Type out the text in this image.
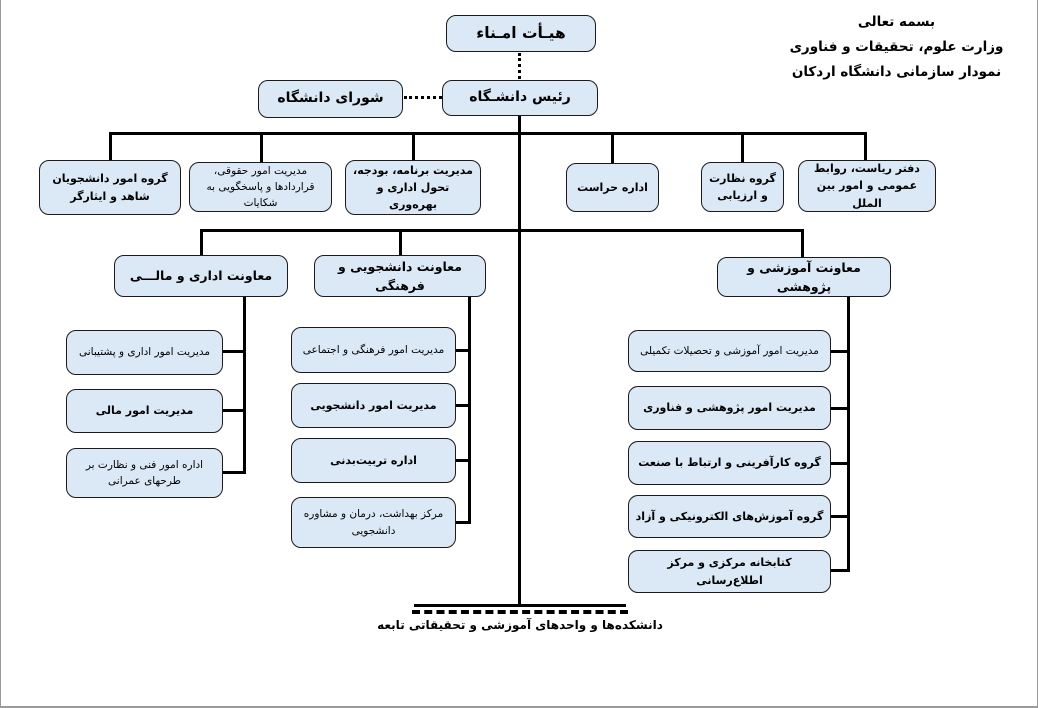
بسمه تعالی
وزارت علوم، تحقیقات و فناوری
نمودار سازمانی دانشگاه اردکان
هیـأت امـناء
رئیس دانشـگاه
شورای دانشگاه
گروه امور دانشجویان شاهد و ایثارگر
مدیریت امور حقوقی، قراردادها و پاسخگویی به شکایات
مدیریت برنامه، بودجه، تحول اداری و بهره‌وری
اداره حراست
گروه نظارت و ارزیابی
دفتر ریاست، روابط عمومی و امور بین الملل
معاونت اداری و مالـــی
معاونت دانشجویی و فرهنگی
معاونت آموزشی و پژوهشی
مدیریت امور اداری و پشتیبانی
مدیریت امور مالی
اداره امور فنی و نظارت بر طرحهای عمرانی
مدیریت امور فرهنگی و اجتماعی
مدیریت امور دانشجویی
اداره تربیت‌بدنی
مرکز بهداشت، درمان و مشاوره دانشجویی
مدیریت امور آموزشی و تحصیلات تکمیلی
مدیریت امور پژوهشی و فناوری
گروه کارآفرینی و ارتباط با صنعت
گروه آموزش‌های الکترونیکی و آزاد
کتابخانه مرکزی و مرکز اطلاع‌رسانی
دانشکده‌ها و واحدهای آموزشی و تحقیقاتی تابعه
